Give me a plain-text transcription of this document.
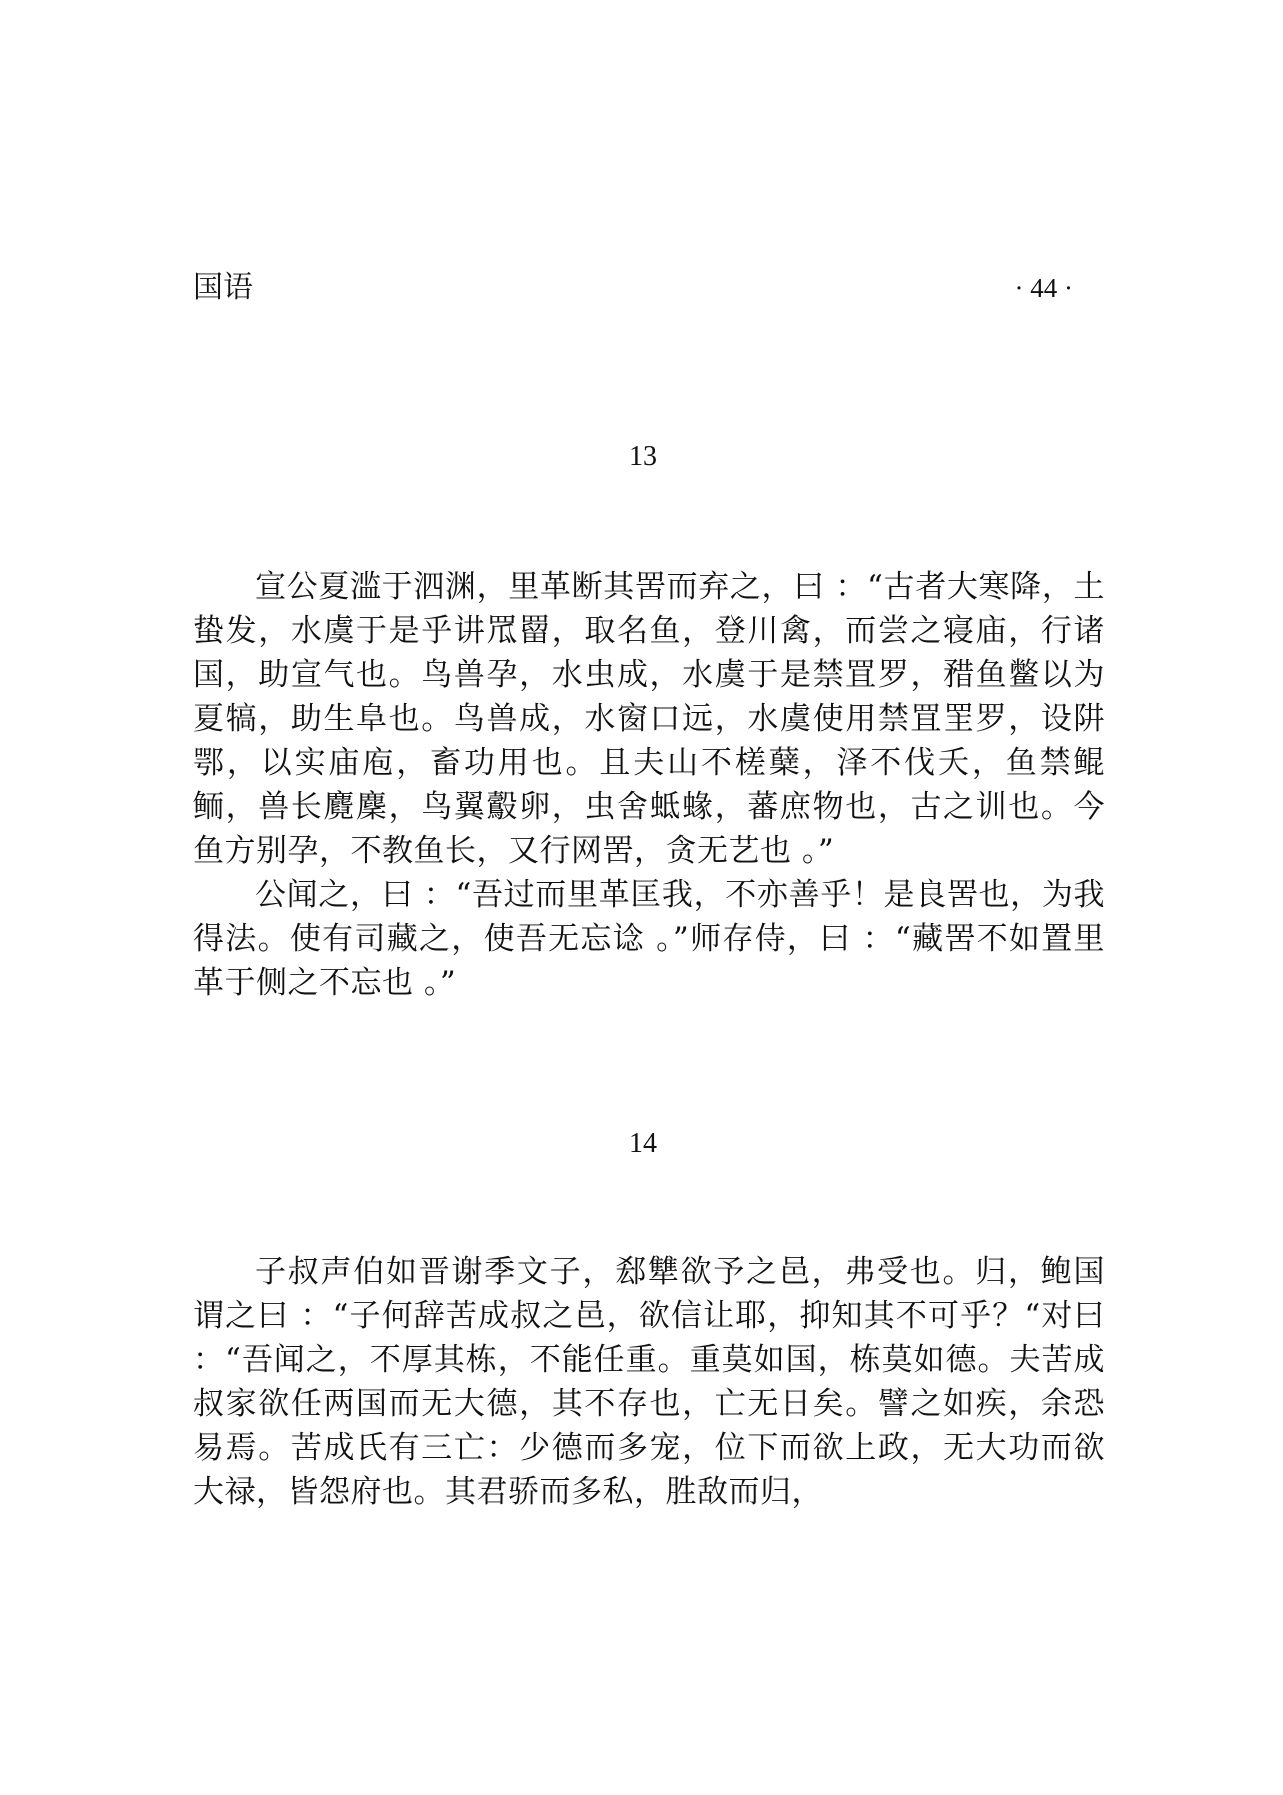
国语	· 44 ·
13

宣公夏滥于泗渊，里革断其罟而弃之，曰 ：“古者大寒降，土蛰发，水虞于是乎讲罛罶，取名鱼，登川禽，而尝之寝庙，行诸国，助宣气也。鸟兽孕，水虫成，水虞于是禁罝罗，矠鱼鳖以为夏犒，助生阜也。鸟兽成，水窗口远，水虞使用禁罝罜罗，设阱鄂，以实庙庖，畜功用也。且夫山不槎蘖，泽不伐夭，鱼禁鲲鲕，兽长麑麇，鸟翼鷇卵，虫舍蚳蝝，蕃庶物也，古之训也。今鱼方别孕，不教鱼长，又行网罟，贪无艺也 。”

公闻之，曰 ：“吾过而里革匡我，不亦善乎！是良罟也，为我得法。使有司藏之，使吾无忘谂 。”师存侍，曰 ：“藏罟不如置里革于侧之不忘也 。”

14

子叔声伯如晋谢季文子，郄犨欲予之邑，弗受也。归，鲍国谓之曰 ：“子何辞苦成叔之邑，欲信让耶，抑知其不可乎？“对曰 ：“吾闻之，不厚其栋，不能任重。重莫如国，栋莫如德。夫苦成叔家欲任两国而无大德，其不存也，亡无日矣。譬之如疾，余恐易焉。苦成氏有三亡：少德而多宠，位下而欲上政，无大功而欲大禄，皆怨府也。其君骄而多私，胜敌而归，
